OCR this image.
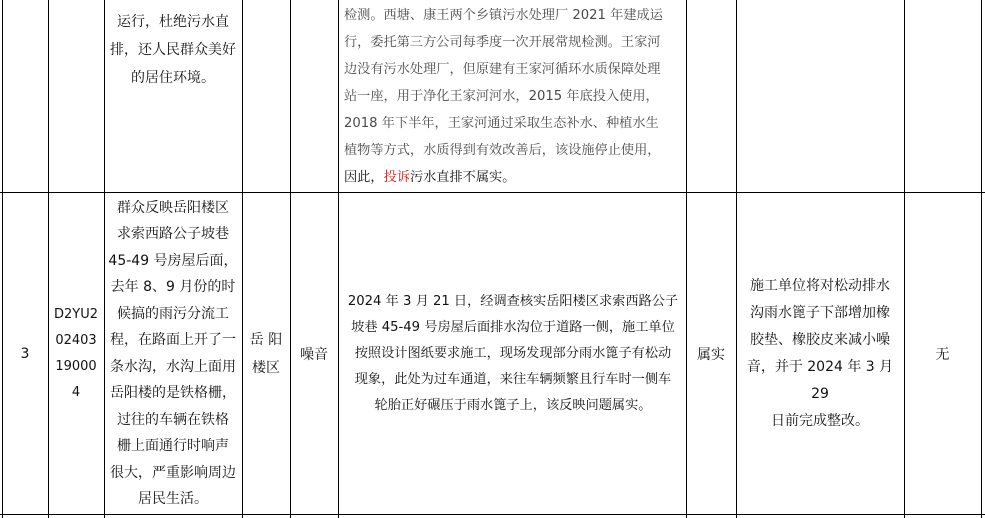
运行，杜绝污水直
排，还人民群众美好
的居住环境。
检测。西塘、康王两个乡镇污水处理厂 2021 年建成运
行，委托第三方公司每季度一次开展常规检测。王家河
边没有污水处理厂，但原建有王家河循环水质保障处理
站一座，用于净化王家河河水，2015 年底投入使用，
2018 年下半年，王家河通过采取生态补水、种植水生
植物等方式，水质得到有效改善后，该设施停止使用，
因此，投诉污水直排不属实。
3
D2YU2
02403
19000
4
群众反映岳阳楼区
求索西路公子坡巷
45-49 号房屋后面，
去年 8、9 月份的时
候搞的雨污分流工
程，在路面上开了一
条水沟，水沟上面用
岳阳楼的是铁格栅，
过往的车辆在铁格
栅上面通行时响声
很大，严重影响周边
居民生活。
岳 阳
楼区
噪音
2024 年 3 月 21 日，经调查核实岳阳楼区求索西路公子
坡巷 45-49 号房屋后面排水沟位于道路一侧，施工单位
按照设计图纸要求施工，现场发现部分雨水篦子有松动
现象，此处为过车通道，来往车辆频繁且行车时一侧车
轮胎正好碾压于雨水篦子上，该反映问题属实。
属实
施工单位将对松动排水
沟雨水篦子下部增加橡
胶垫、橡胶皮来减小噪
音，并于 2024 年 3 月 29
日前完成整改。
无
